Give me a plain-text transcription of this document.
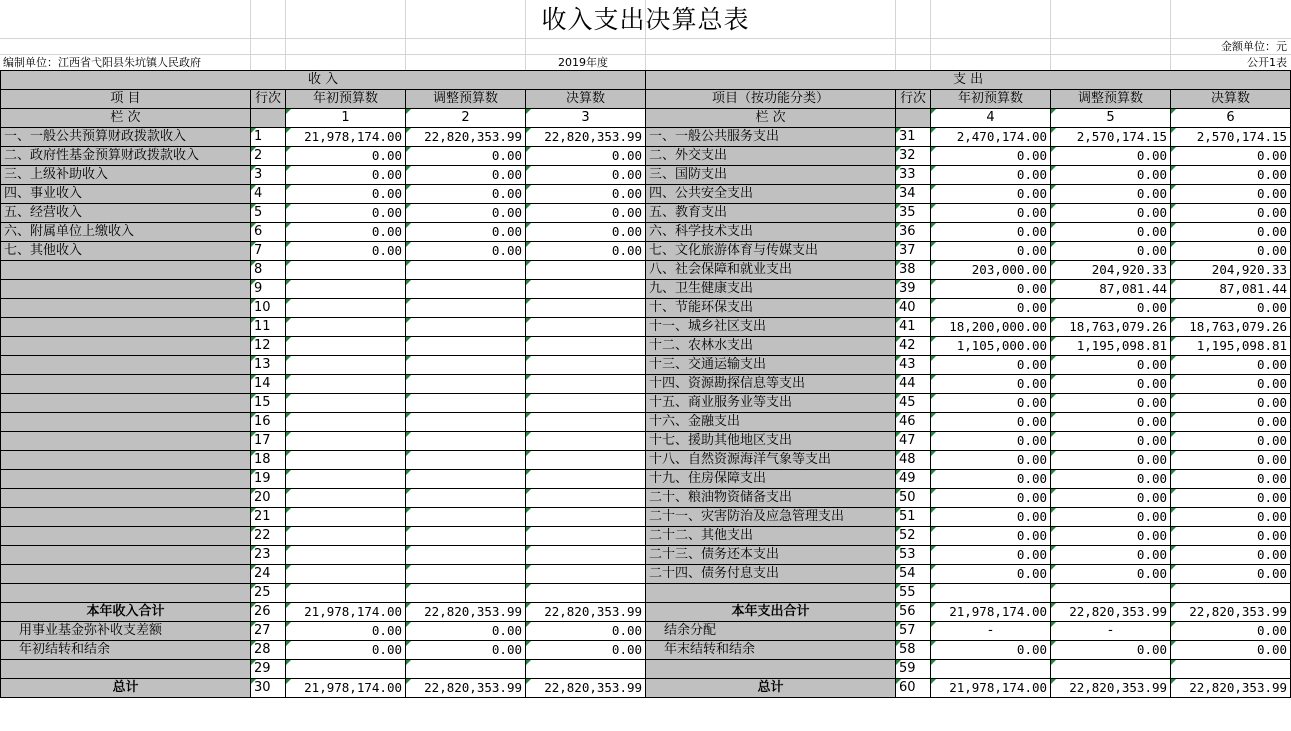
收入支出决算总表
金额单位：元
编制单位：江西省弋阳县朱坑镇人民政府	2019年度	公开1表
收 入					支 出				
项 目	行次	年初预算数	调整预算数	决算数	项目（按功能分类）	行次	年初预算数	调整预算数	决算数
栏 次		1	2	3	栏 次		4	5	6
一、一般公共预算财政拨款收入	1	21,978,174.00	22,820,353.99	22,820,353.99	一、一般公共服务支出	31	2,470,174.00	2,570,174.15	2,570,174.15
二、政府性基金预算财政拨款收入	2	0.00	0.00	0.00	二、外交支出	32	0.00	0.00	0.00
三、上级补助收入	3	0.00	0.00	0.00	三、国防支出	33	0.00	0.00	0.00
四、事业收入	4	0.00	0.00	0.00	四、公共安全支出	34	0.00	0.00	0.00
五、经营收入	5	0.00	0.00	0.00	五、教育支出	35	0.00	0.00	0.00
六、附属单位上缴收入	6	0.00	0.00	0.00	六、科学技术支出	36	0.00	0.00	0.00
七、其他收入	7	0.00	0.00	0.00	七、文化旅游体育与传媒支出	37	0.00	0.00	0.00
	8				八、社会保障和就业支出	38	203,000.00	204,920.33	204,920.33
	9				九、卫生健康支出	39	0.00	87,081.44	87,081.44
	10				十、节能环保支出	40	0.00	0.00	0.00
	11				十一、城乡社区支出	41	18,200,000.00	18,763,079.26	18,763,079.26
	12				十二、农林水支出	42	1,105,000.00	1,195,098.81	1,195,098.81
	13				十三、交通运输支出	43	0.00	0.00	0.00
	14				十四、资源勘探信息等支出	44	0.00	0.00	0.00
	15				十五、商业服务业等支出	45	0.00	0.00	0.00
	16				十六、金融支出	46	0.00	0.00	0.00
	17				十七、援助其他地区支出	47	0.00	0.00	0.00
	18				十八、自然资源海洋气象等支出	48	0.00	0.00	0.00
	19				十九、住房保障支出	49	0.00	0.00	0.00
	20				二十、粮油物资储备支出	50	0.00	0.00	0.00
	21				二十一、灾害防治及应急管理支出	51	0.00	0.00	0.00
	22				二十二、其他支出	52	0.00	0.00	0.00
	23				二十三、债务还本支出	53	0.00	0.00	0.00
	24				二十四、债务付息支出	54	0.00	0.00	0.00
	25					55			
本年收入合计	26	21,978,174.00	22,820,353.99	22,820,353.99	本年支出合计	56	21,978,174.00	22,820,353.99	22,820,353.99
用事业基金弥补收支差额	27	0.00	0.00	0.00	结余分配	57	-	-	0.00
年初结转和结余	28	0.00	0.00	0.00	年末结转和结余	58	0.00	0.00	0.00
	29					59			
总计	30	21,978,174.00	22,820,353.99	22,820,353.99	总计	60	21,978,174.00	22,820,353.99	22,820,353.99
